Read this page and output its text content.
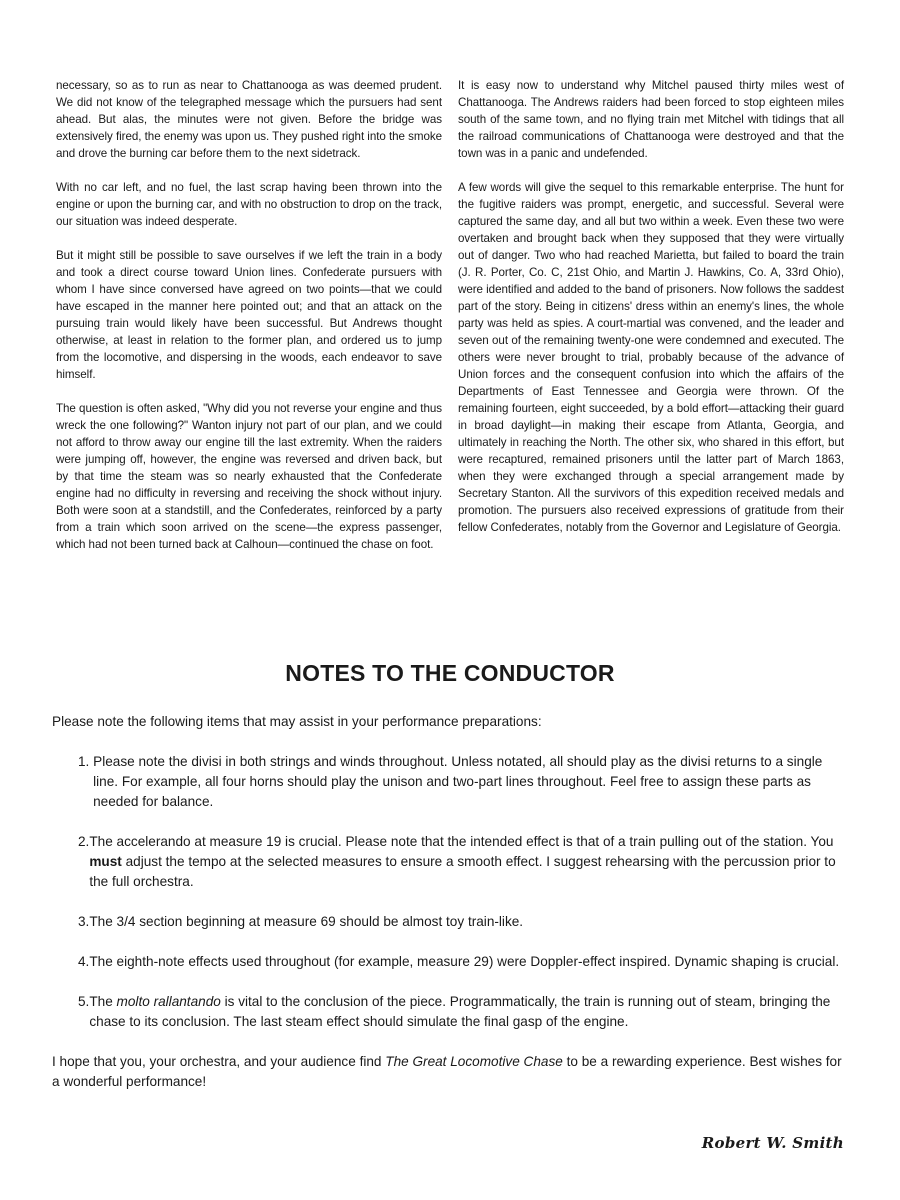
necessary, so as to run as near to Chattanooga as was deemed prudent. We did not know of the telegraphed message which the pursuers had sent ahead. But alas, the minutes were not given. Before the bridge was extensively fired, the enemy was upon us. They pushed right into the smoke and drove the burning car before them to the next sidetrack.

With no car left, and no fuel, the last scrap having been thrown into the engine or upon the burning car, and with no obstruction to drop on the track, our situation was indeed desperate.

But it might still be possible to save ourselves if we left the train in a body and took a direct course toward Union lines. Confederate pursuers with whom I have since conversed have agreed on two points—that we could have escaped in the manner here pointed out; and that an attack on the pursuing train would likely have been successful. But Andrews thought otherwise, at least in relation to the former plan, and ordered us to jump from the locomotive, and dispersing in the woods, each endeavor to save himself.

The question is often asked, "Why did you not reverse your engine and thus wreck the one following?" Wanton injury not part of our plan, and we could not afford to throw away our engine till the last extremity. When the raiders were jumping off, however, the engine was reversed and driven back, but by that time the steam was so nearly exhausted that the Confederate engine had no difficulty in reversing and receiving the shock without injury. Both were soon at a standstill, and the Confederates, reinforced by a party from a train which soon arrived on the scene—the express passenger, which had not been turned back at Calhoun—continued the chase on foot.

It is easy now to understand why Mitchel paused thirty miles west of Chattanooga. The Andrews raiders had been forced to stop eighteen miles south of the same town, and no flying train met Mitchel with tidings that all the railroad communications of Chattanooga were destroyed and that the town was in a panic and undefended.

A few words will give the sequel to this remarkable enterprise. The hunt for the fugitive raiders was prompt, energetic, and successful. Several were captured the same day, and all but two within a week. Even these two were overtaken and brought back when they supposed that they were virtually out of danger. Two who had reached Marietta, but failed to board the train (J. R. Porter, Co. C, 21st Ohio, and Martin J. Hawkins, Co. A, 33rd Ohio), were identified and added to the band of prisoners. Now follows the saddest part of the story. Being in citizens' dress within an enemy's lines, the whole party was held as spies. A court-martial was convened, and the leader and seven out of the remaining twenty-one were condemned and executed. The others were never brought to trial, probably because of the advance of Union forces and the consequent confusion into which the affairs of the Departments of East Tennessee and Georgia were thrown. Of the remaining fourteen, eight succeeded, by a bold effort—attacking their guard in broad daylight—in making their escape from Atlanta, Georgia, and ultimately in reaching the North. The other six, who shared in this effort, but were recaptured, remained prisoners until the latter part of March 1863, when they were exchanged through a special arrangement made by Secretary Stanton. All the survivors of this expedition received medals and promotion. The pursuers also received expressions of gratitude from their fellow Confederates, notably from the Governor and Legislature of Georgia.

NOTES TO THE CONDUCTOR

Please note the following items that may assist in your performance preparations:

1. Please note the divisi in both strings and winds throughout. Unless notated, all should play as the divisi returns to a single line. For example, all four horns should play the unison and two-part lines throughout. Feel free to assign these parts as needed for balance.
2. The accelerando at measure 19 is crucial. Please note that the intended effect is that of a train pulling out of the station. You must adjust the tempo at the selected measures to ensure a smooth effect. I suggest rehearsing with the percussion prior to the full orchestra.
3. The 3/4 section beginning at measure 69 should be almost toy train-like.
4. The eighth-note effects used throughout (for example, measure 29) were Doppler-effect inspired. Dynamic shaping is crucial.
5. The molto rallantando is vital to the conclusion of the piece. Programmatically, the train is running out of steam, bringing the chase to its conclusion. The last steam effect should simulate the final gasp of the engine.

I hope that you, your orchestra, and your audience find The Great Locomotive Chase to be a rewarding experience. Best wishes for a wonderful performance!

Robert W. Smith
